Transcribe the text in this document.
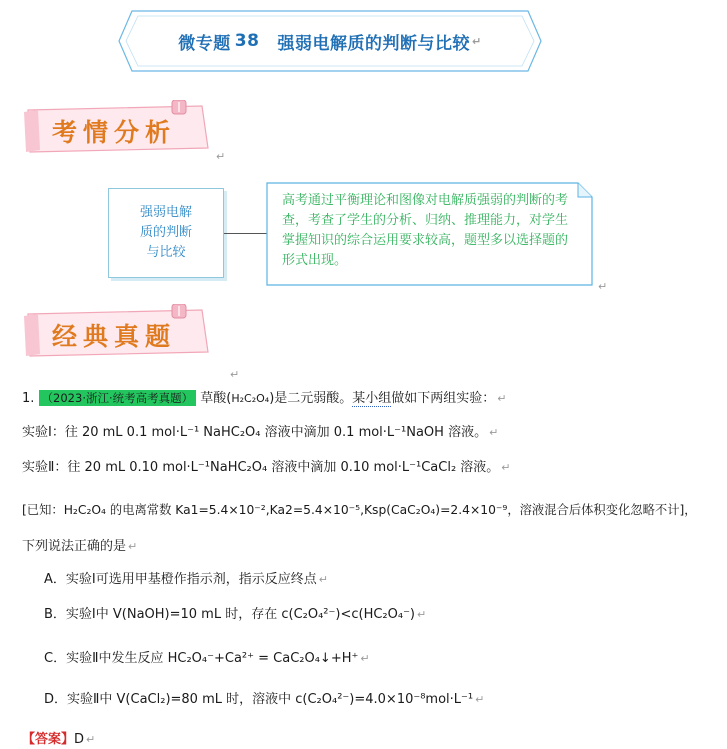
微专题 38 强弱电解质的判断与比较 ↵
考情分析
↵
强弱电解
质的判断
与比较
高考通过平衡理论和图像对电解质强弱的判断的考查，考查了学生的分析、归纳、推理能力，对学生掌握知识的综合运用要求较高，题型多以选择题的形式出现。
↵
经典真题
↵
1. （2023·浙江·统考高考真题） 草酸(H₂C₂O₄)是二元弱酸。某小组做如下两组实验： ↵
实验Ⅰ：往 20 mL 0.1 mol·L⁻¹ NaHC₂O₄ 溶液中滴加 0.1 mol·L⁻¹NaOH 溶液。 ↵
实验Ⅱ：往 20 mL 0.10 mol·L⁻¹NaHC₂O₄ 溶液中滴加 0.10 mol·L⁻¹CaCl₂ 溶液。 ↵
[已知：H₂C₂O₄ 的电离常数 Ka1=5.4×10⁻²,Ka2=5.4×10⁻⁵,Ksp(CaC₂O₄)=2.4×10⁻⁹，溶液混合后体积变化忽略不计]，
下列说法正确的是 ↵
A．实验Ⅰ可选用甲基橙作指示剂，指示反应终点 ↵
B．实验Ⅰ中 V(NaOH)=10 mL 时，存在 c(C₂O₄²⁻)<c(HC₂O₄⁻) ↵
C．实验Ⅱ中发生反应 HC₂O₄⁻+Ca²⁺ = CaC₂O₄↓+H⁺ ↵
D．实验Ⅱ中 V(CaCl₂)=80 mL 时，溶液中 c(C₂O₄²⁻)=4.0×10⁻⁸mol·L⁻¹ ↵
【答案】D ↵
